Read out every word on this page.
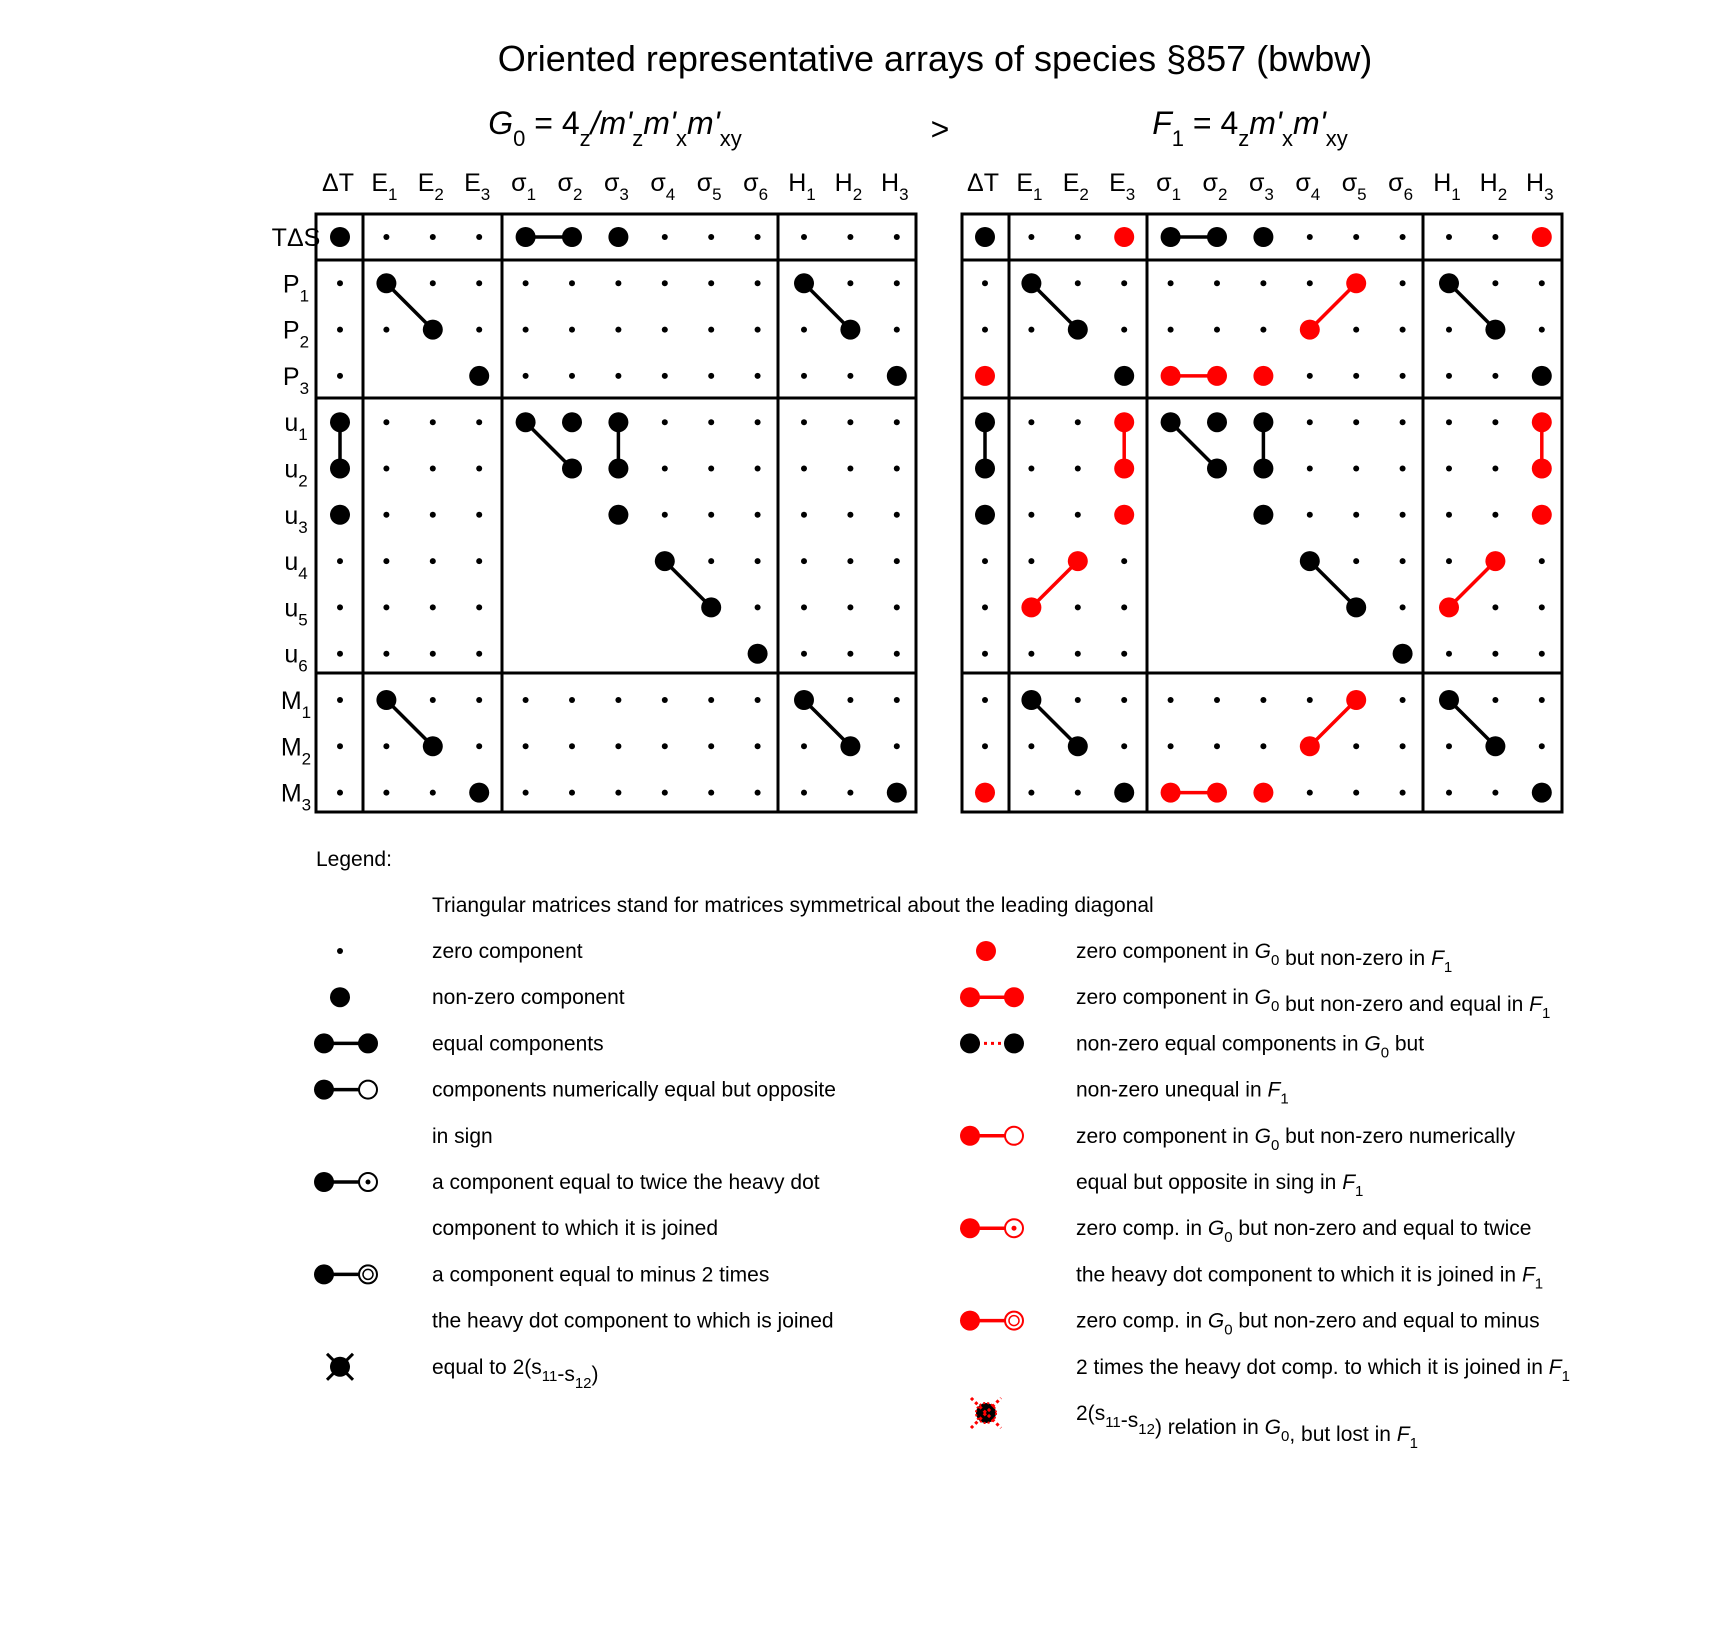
Oriented representative arrays of species §857 (bwbw)
$G_0 = 4_z/m'_zm'_xm'_{xy}$	>	$F_1 = 4_zm'_xm'_{xy}$
ΔT $E_1$ $E_2$ $E_3$ $\sigma_1$ $\sigma_2$ $\sigma_3$ $\sigma_4$ $\sigma_5$ $\sigma_6$ $H_1$ $H_2$ $H_3$
TΔS
$P_1$
$P_2$
$P_3$
$u_1$
$u_2$
$u_3$
$u_4$
$u_5$
$u_6$
$M_1$
$M_2$
$M_3$
ΔT $E_1$ $E_2$ $E_3$ $\sigma_1$ $\sigma_2$ $\sigma_3$ $\sigma_4$ $\sigma_5$ $\sigma_6$ $H_1$ $H_2$ $H_3$
Legend:
Triangular matrices stand for matrices symmetrical about the leading diagonal
zero component
non-zero component
equal components
components numerically equal but opposite
in sign
a component equal to twice the heavy dot
component to which it is joined
a component equal to minus 2 times
the heavy dot component to which is joined
equal to $2(s_{11}-s_{12})$
zero component in $G_0$ but non-zero in $F_1$
zero component in $G_0$ but non-zero and equal in $F_1$
non-zero equal components in $G_0$ but
non-zero unequal in $F_1$
zero component in $G_0$ but non-zero numerically
equal but opposite in sing in $F_1$
zero comp. in $G_0$ but non-zero and equal to twice
the heavy dot component to which it is joined in $F_1$
zero comp. in $G_0$ but non-zero and equal to minus
2 times the heavy dot comp. to which it is joined in $F_1$
$2(s_{11}-s_{12})$ relation in $G_0$, but lost in $F_1$
